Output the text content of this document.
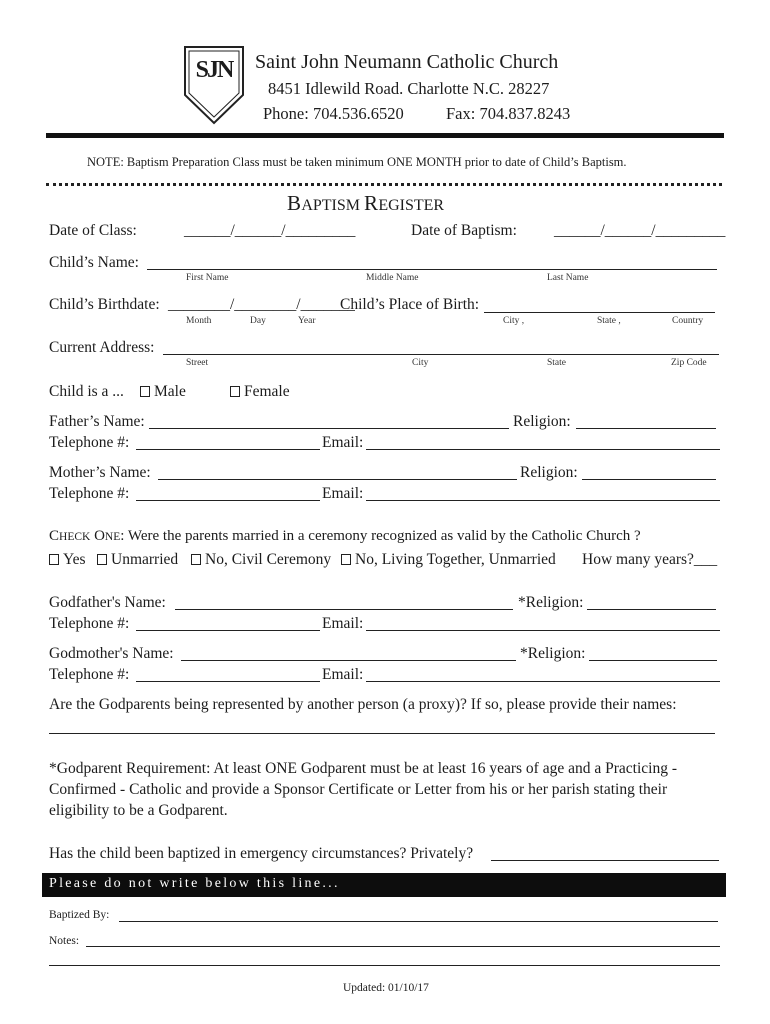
SJN	Saint John Neumann Catholic Church
8451 Idlewild Road. Charlotte N.C. 28227
Phone: 704.536.6520	Fax: 704.837.8243
NOTE: Baptism Preparation Class must be taken minimum ONE MONTH prior to date of Child’s Baptism.
BAPTISM REGISTER
Date of Class:	______/______/_________	Date of Baptism: ______/______/_________
Child’s Name:
First Name	Middle Name	Last Name
Child’s Birthdate: ________/________/_______
Month	Day	Year
Child’s Place of Birth:
City ,	State ,	Country
Current Address:
Street	City	State	Zip Code
Child is a ...	Male	Female
Father’s Name:	Religion:
Telephone #:	Email:
Mother’s Name:	Religion:
Telephone #:	Email:
CHECK ONE: Were the parents married in a ceremony recognized as valid by the Catholic Church ?
Yes	Unmarried	No, Civil Ceremony	No, Living Together, Unmarried How many years?___
Godfather's Name:	*Religion:
Telephone #:	Email:
Godmother's Name:	*Religion:
Telephone #:	Email:
Are the Godparents being represented by another person (a proxy)? If so, please provide their names:
*Godparent Requirement: At least ONE Godparent must be at least 16 years of age and a Practicing -
Confirmed - Catholic and provide a Sponsor Certificate or Letter from his or her parish stating their
eligibility to be a Godparent.
Has the child been baptized in emergency circumstances? Privately?
Please do not write below this line...
Baptized By:
Notes:
Updated: 01/10/17
